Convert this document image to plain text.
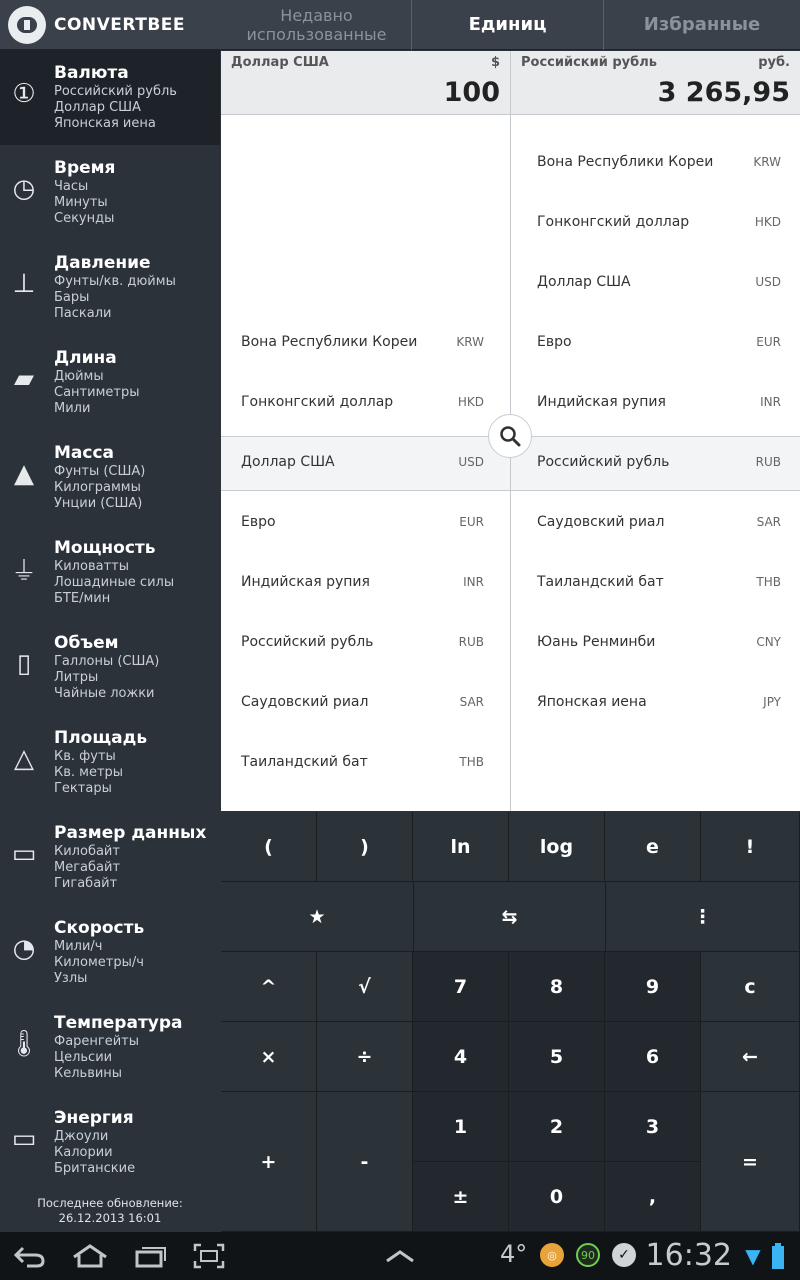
CONVERTBEE	Недавно использованные	Единиц	Избранные
①
Валюта
Российский рубль
Доллар США
Японская иена
◷
Время
Часы
Минуты
Секунды
⊥
Давление
Фунты/кв. дюймы
Бары
Паскали
▰
Длина
Дюймы
Сантиметры
Мили
▲
Масса
Фунты (США)
Килограммы
Унции (США)
⏚
Мощность
Киловатты
Лошадиные силы
БТЕ/мин
▯
Объем
Галлоны (США)
Литры
Чайные ложки
△
Площадь
Кв. футы
Кв. метры
Гектары
▭
Размер данных
Килобайт
Мегабайт
Гигабайт
◔
Скорость
Мили/ч
Километры/ч
Узлы
🌡
Температура
Фаренгейты
Цельсии
Кельвины
▭
Энергия
Джоули
Калории
Британские
Последнее обновление:
26.12.2013 16:01
Доллар США	$
100
Российский рубль	руб.
3 265,95
Вона Республики Кореи	KRW
Гонконгский доллар	HKD
Доллар США	USD
Евро	EUR
Индийская рупия	INR
Российский рубль	RUB
Саудовский риал	SAR
Таиландский бат	THB
Вона Республики Кореи	KRW
Гонконгский доллар	HKD
Доллар США	USD
Евро	EUR
Индийская рупия	INR
Российский рубль	RUB
Саудовский риал	SAR
Таиландский бат	THB
Юань Ренминби	CNY
Японская иена	JPY
(	)	ln	log	e	!
★	⇆	⋮
^	√	7	8	9	c
×	÷	4	5	6	←
+	-	=
1	2	3
±	0	,
4°	◎	90	✓ 16:32 ▼
